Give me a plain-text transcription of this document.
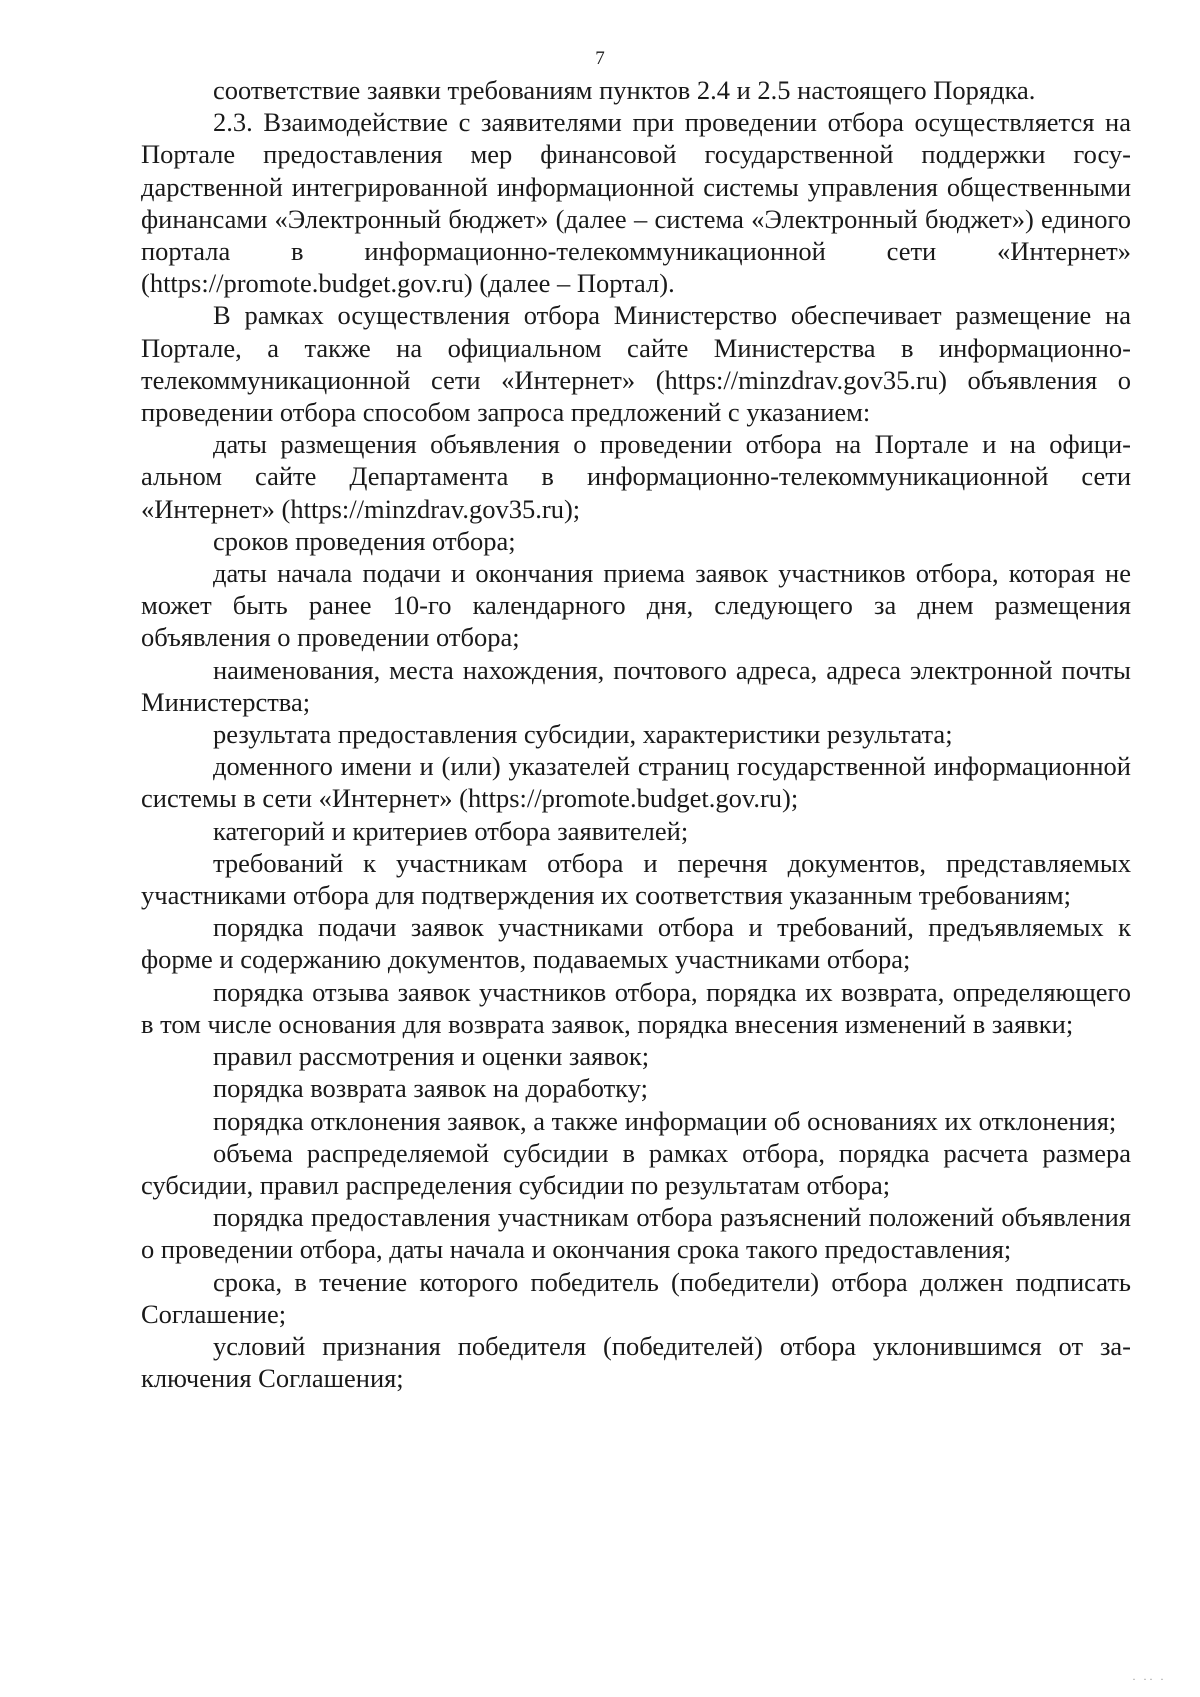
7

соответствие заявки требованиям пунктов 2.4 и 2.5 настоящего Порядка.

2.3. Взаимодействие с заявителями при проведении отбора осуществляется на Портале предоставления мер финансовой государственной поддержки государственной интегрированной информационной системы управления общественными финансами «Электронный бюджет» (далее – система «Электронный бюджет») единого портала в информационно-телекоммуникационной сети «Интернет» (https://promote.budget.gov.ru) (далее – Портал).

В рамках осуществления отбора Министерство обеспечивает размещение на Портале, а также на официальном сайте Министерства в информационно-телекоммуникационной сети «Интернет» (https://minzdrav.gov35.ru) объявления о проведении отбора способом запроса предложений с указанием:

даты размещения объявления о проведении отбора на Портале и на официальном сайте Департамента в информационно-телекоммуникационной сети «Интернет» (https://minzdrav.gov35.ru);

сроков проведения отбора;

даты начала подачи и окончания приема заявок участников отбора, которая не может быть ранее 10-го календарного дня, следующего за днем размещения объявления о проведении отбора;

наименования, места нахождения, почтового адреса, адреса электронной почты Министерства;

результата предоставления субсидии, характеристики результата;

доменного имени и (или) указателей страниц государственной информационной системы в сети «Интернет» (https://promote.budget.gov.ru);

категорий и критериев отбора заявителей;

требований к участникам отбора и перечня документов, представляемых участниками отбора для подтверждения их соответствия указанным требованиям;

порядка подачи заявок участниками отбора и требований, предъявляемых к форме и содержанию документов, подаваемых участниками отбора;

порядка отзыва заявок участников отбора, порядка их возврата, определяющего в том числе основания для возврата заявок, порядка внесения изменений в заявки;

правил рассмотрения и оценки заявок;

порядка возврата заявок на доработку;

порядка отклонения заявок, а также информации об основаниях их отклонения;

объема распределяемой субсидии в рамках отбора, порядка расчета размера субсидии, правил распределения субсидии по результатам отбора;

порядка предоставления участникам отбора разъяснений положений объявления о проведении отбора, даты начала и окончания срока такого предоставления;

срока, в течение которого победитель (победители) отбора должен подписать Соглашение;

условий признания победителя (победителей) отбора уклонившимся от заключения Соглашения;

· ·· ·
